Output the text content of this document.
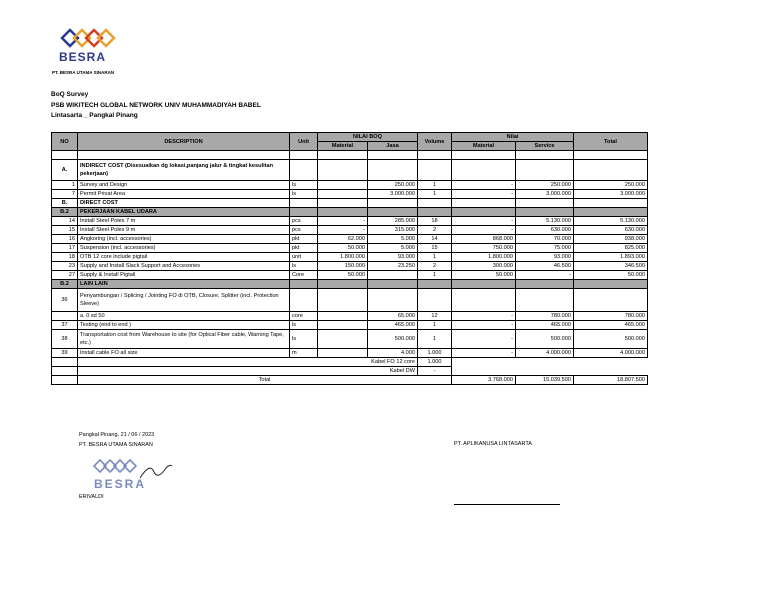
BESRA
PT. BESRA UTAMA SINARAN
BoQ Survey
PSB WIKITECH GLOBAL NETWORK UNIV MUHAMMADIYAH BABEL
Lintasarta _ Pangkal Pinang
NO	DESCRIPTION	Unit	NILAI BOQ		Volume	Nilai		Total
			Material	Jasa		Material	Service	

A.	INDIRECT COST (Disesuaikan dg lokasi,panjang jalur & tingkat kesulitan pekerjaan)							
1	Survey and Design	ls		250.000	1	-	250.000	250.000
7	Permit Privat Area	ls		3.000.000	1	-	3.000.000	3.000.000
B.	DIRECT COST							
B.2	PEKERJAAN KABEL UDARA							
14	Install Steel Poles 7 m	pcs	-	285.000	18	-	5.130.000	5.130.000
15	Install Steel Poles 9 m	pcs	-	315.000	2	-	630.000	630.000
16	Angkoring (incl. accessories)	pkt	62.000	5.000	14	868.000	70.000	938.000
17	Suspension (incl. accessories)	pkt	50.000	5.000	15	750.000	75.000	825.000
18	OTB 12 core include pigtail	unit	1.800.000	93.000	1	1.800.000	93.000	1.893.000
23	Supply and Install Slack Support and Accesories	ls	150.000	23.250	2	300.000	46.500	346.500
27	Supply & Install Pigtail	Core	50.000		1	50.000	-	50.000
B.2	LAIN LAIN							
36	Penyambungan / Splicing / Jointing FO di OTB, Closure, Splitter (incl. Protection Sleeve)							
	a. 0 sd 50	core		65.000	12	-	780.000	780.000
37	Testing (end to end )	ls		465.000	1	-	465.000	465.000
38	Transportation cost from Warehouse to site (for Optical Fiber cable, Warning Tape, etc.)	ls		500.000	1	-	500.000	500.000
39	Install cable FO all size	m		4.000	1.000	-	4.000.000	4.000.000
	Kabel FO 12 core				1.000			
	Kabel DW				-			
	Total					3.768.000	15.039.500	18.807.500
Pangkal Pinang, 21 / 06 / 2023
PT. BESRA UTAMA SINARAN	PT. APLIKANUSA LINTASARTA
BESRA
ERIVALDI
